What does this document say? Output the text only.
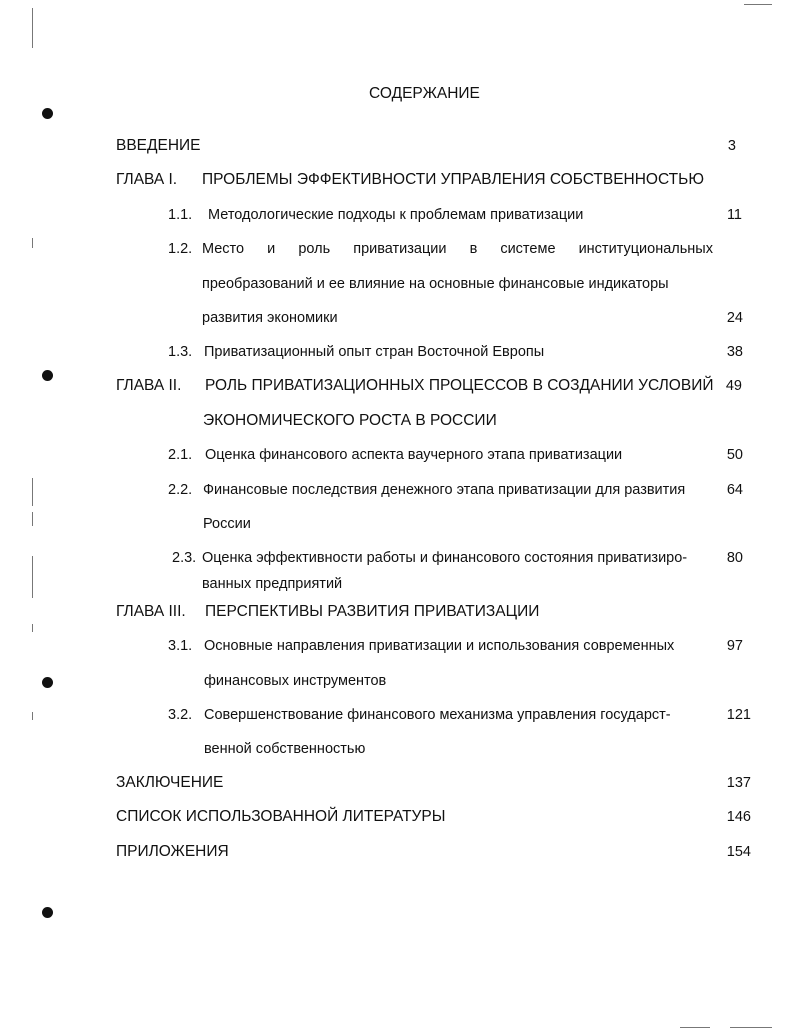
СОДЕРЖАНИЕ
ВВЕДЕНИЕ	3
ГЛАВА I. ПРОБЛЕМЫ ЭФФЕКТИВНОСТИ УПРАВЛЕНИЯ СОБСТВЕННОСТЬЮ
1.1. Методологические подходы к проблемам приватизации	11
1.2. Место и роль приватизации в системе институциональных
преобразований и ее влияние на основные финансовые индикаторы
развития экономики	24
1.3. Приватизационный опыт стран Восточной Европы	38
ГЛАВА II. РОЛЬ ПРИВАТИЗАЦИОННЫХ ПРОЦЕССОВ В СОЗДАНИИ УСЛОВИЙ 49
ЭКОНОМИЧЕСКОГО РОСТА В РОССИИ
2.1. Оценка финансового аспекта ваучерного этапа приватизации	50
2.2. Финансовые последствия денежного этапа приватизации для развития	64
России
2.3. Оценка эффективности работы и финансового состояния приватизиро-	80
ванных предприятий
ГЛАВА III. ПЕРСПЕКТИВЫ РАЗВИТИЯ ПРИВАТИЗАЦИИ
3.1. Основные направления приватизации и использования современных	97
финансовых инструментов
3.2. Совершенствование финансового механизма управления государст-	121
венной собственностью
ЗАКЛЮЧЕНИЕ	137
СПИСОК ИСПОЛЬЗОВАННОЙ ЛИТЕРАТУРЫ	146
ПРИЛОЖЕНИЯ	154
